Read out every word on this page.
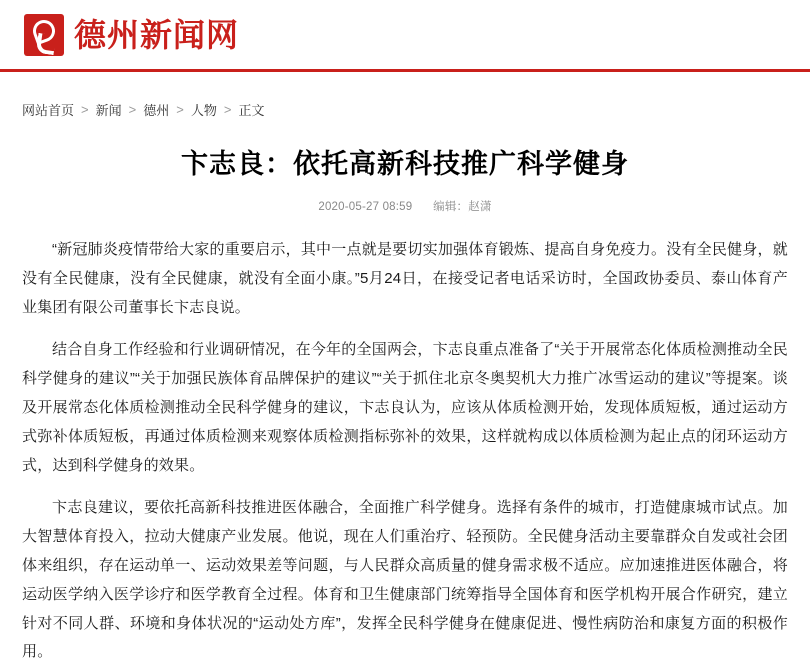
德州新闻网
网站首页 > 新闻 > 德州 > 人物 > 正文
卞志良：依托高新科技推广科学健身
2020-05-27 08:59 编辑：赵潇

“新冠肺炎疫情带给大家的重要启示，其中一点就是要切实加强体育锻炼、提高自身免疫力。没有全民健身，就没有全民健康，没有全民健康，就没有全面小康。”5月24日，在接受记者电话采访时，全国政协委员、泰山体育产业集团有限公司董事长卞志良说。

结合自身工作经验和行业调研情况，在今年的全国两会，卞志良重点准备了“关于开展常态化体质检测推动全民科学健身的建议”“关于加强民族体育品牌保护的建议”“关于抓住北京冬奥契机大力推广冰雪运动的建议”等提案。谈及开展常态化体质检测推动全民科学健身的建议，卞志良认为，应该从体质检测开始，发现体质短板，通过运动方式弥补体质短板，再通过体质检测来观察体质检测指标弥补的效果，这样就构成以体质检测为起止点的闭环运动方式，达到科学健身的效果。

卞志良建议，要依托高新科技推进医体融合，全面推广科学健身。选择有条件的城市，打造健康城市试点。加大智慧体育投入，拉动大健康产业发展。他说，现在人们重治疗、轻预防。全民健身活动主要靠群众自发或社会团体来组织，存在运动单一、运动效果差等问题，与人民群众高质量的健身需求极不适应。应加速推进医体融合，将运动医学纳入医学诊疗和医学教育全过程。体育和卫生健康部门统筹指导全国体育和医学机构开展合作研究，建立针对不同人群、环境和身体状况的“运动处方库”，发挥全民科学健身在健康促进、慢性病防治和康复方面的积极作用。
